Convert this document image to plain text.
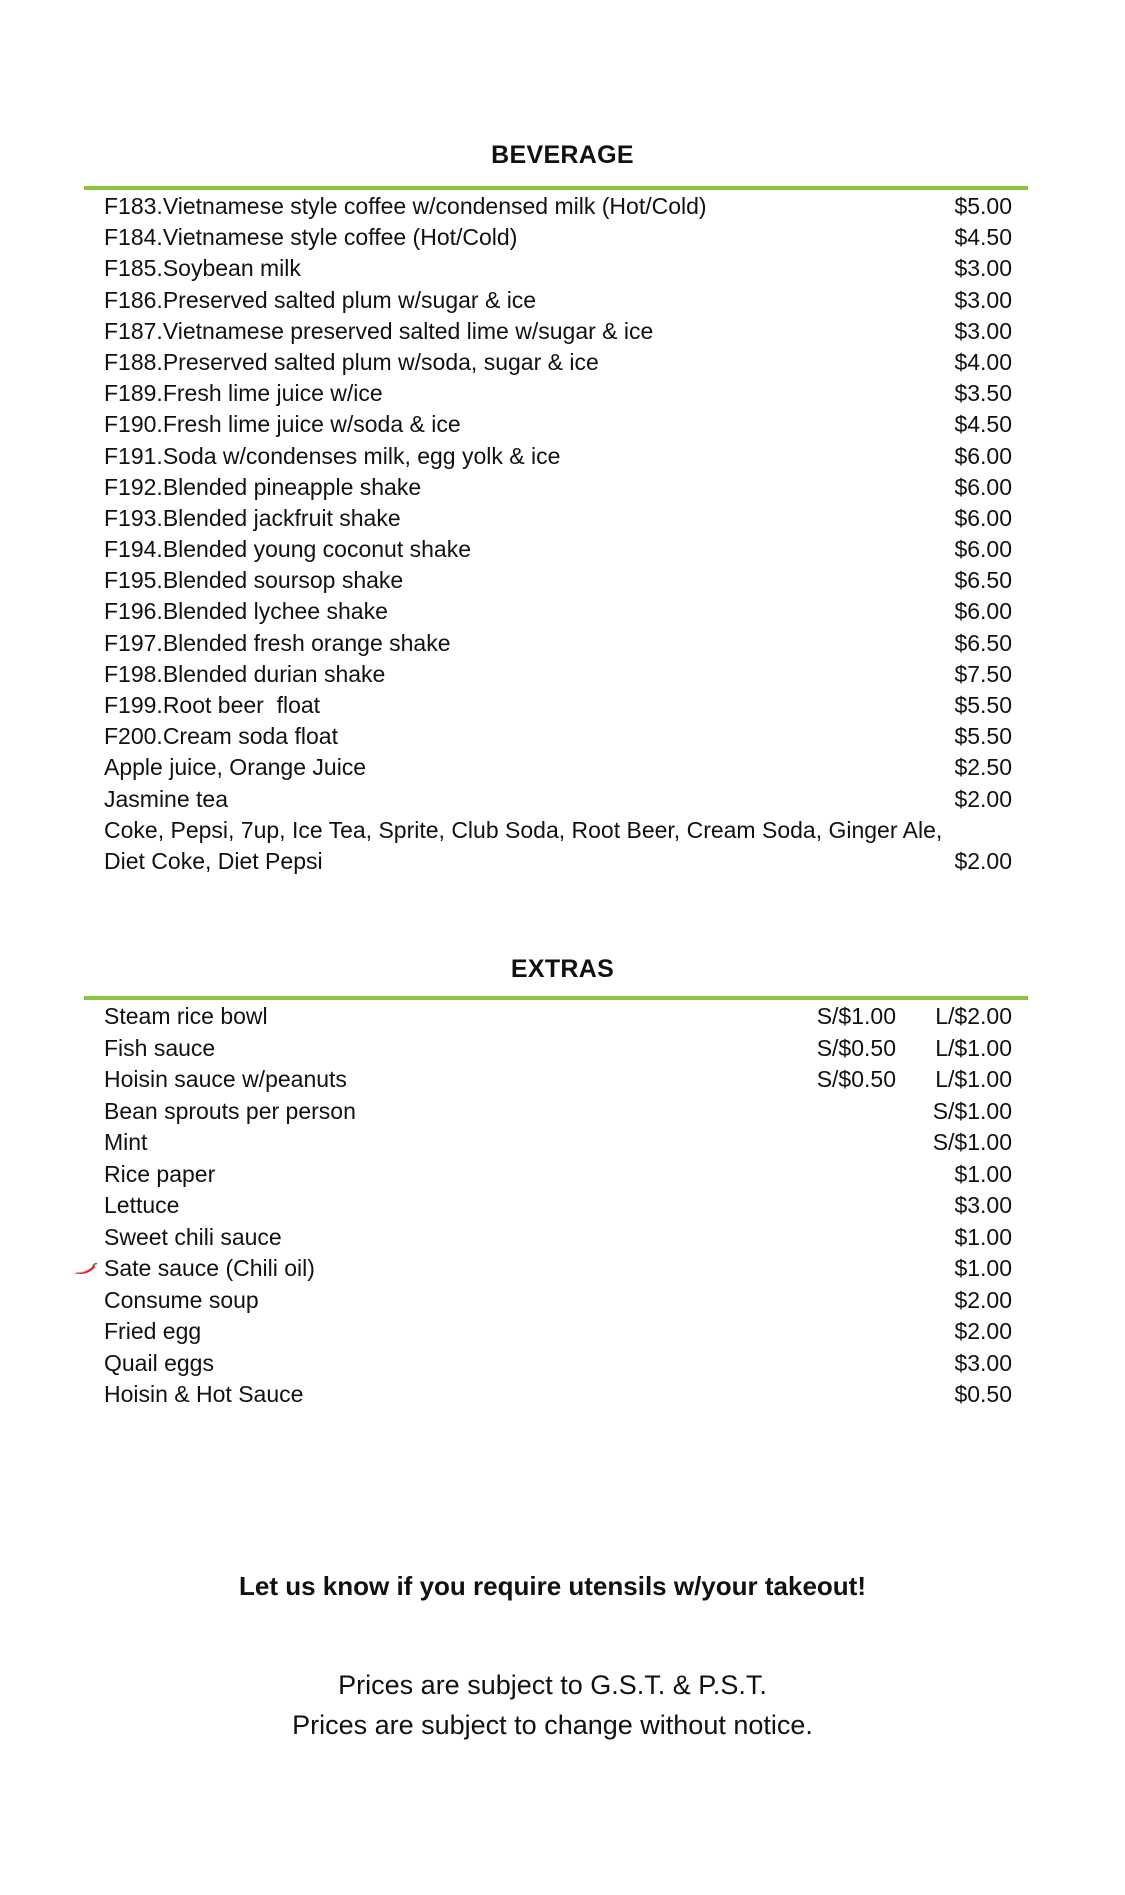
BEVERAGE
F183.Vietnamese style coffee w/condensed milk (Hot/Cold)	$5.00
F184.Vietnamese style coffee (Hot/Cold)	$4.50
F185.Soybean milk	$3.00
F186.Preserved salted plum w/sugar & ice	$3.00
F187.Vietnamese preserved salted lime w/sugar & ice	$3.00
F188.Preserved salted plum w/soda, sugar & ice	$4.00
F189.Fresh lime juice w/ice	$3.50
F190.Fresh lime juice w/soda & ice	$4.50
F191.Soda w/condenses milk, egg yolk & ice	$6.00
F192.Blended pineapple shake	$6.00
F193.Blended jackfruit shake	$6.00
F194.Blended young coconut shake	$6.00
F195.Blended soursop shake	$6.50
F196.Blended lychee shake	$6.00
F197.Blended fresh orange shake	$6.50
F198.Blended durian shake	$7.50
F199.Root beer  float	$5.50
F200.Cream soda float	$5.50
Apple juice, Orange Juice	$2.50
Jasmine tea	$2.00
Coke, Pepsi, 7up, Ice Tea, Sprite, Club Soda, Root Beer, Cream Soda, Ginger Ale,
Diet Coke, Diet Pepsi	$2.00
EXTRAS
Steam rice bowl	S/$1.00 L/$2.00
Fish sauce	S/$0.50 L/$1.00
Hoisin sauce w/peanuts	S/$0.50 L/$1.00
Bean sprouts per person	S/$1.00
Mint	S/$1.00
Rice paper	$1.00
Lettuce	$3.00
Sweet chili sauce	$1.00
Sate sauce (Chili oil)	$1.00
Consume soup	$2.00
Fried egg	$2.00
Quail eggs	$3.00
Hoisin & Hot Sauce	$0.50
Let us know if you require utensils w/your takeout!
Prices are subject to G.S.T. & P.S.T.
Prices are subject to change without notice.
